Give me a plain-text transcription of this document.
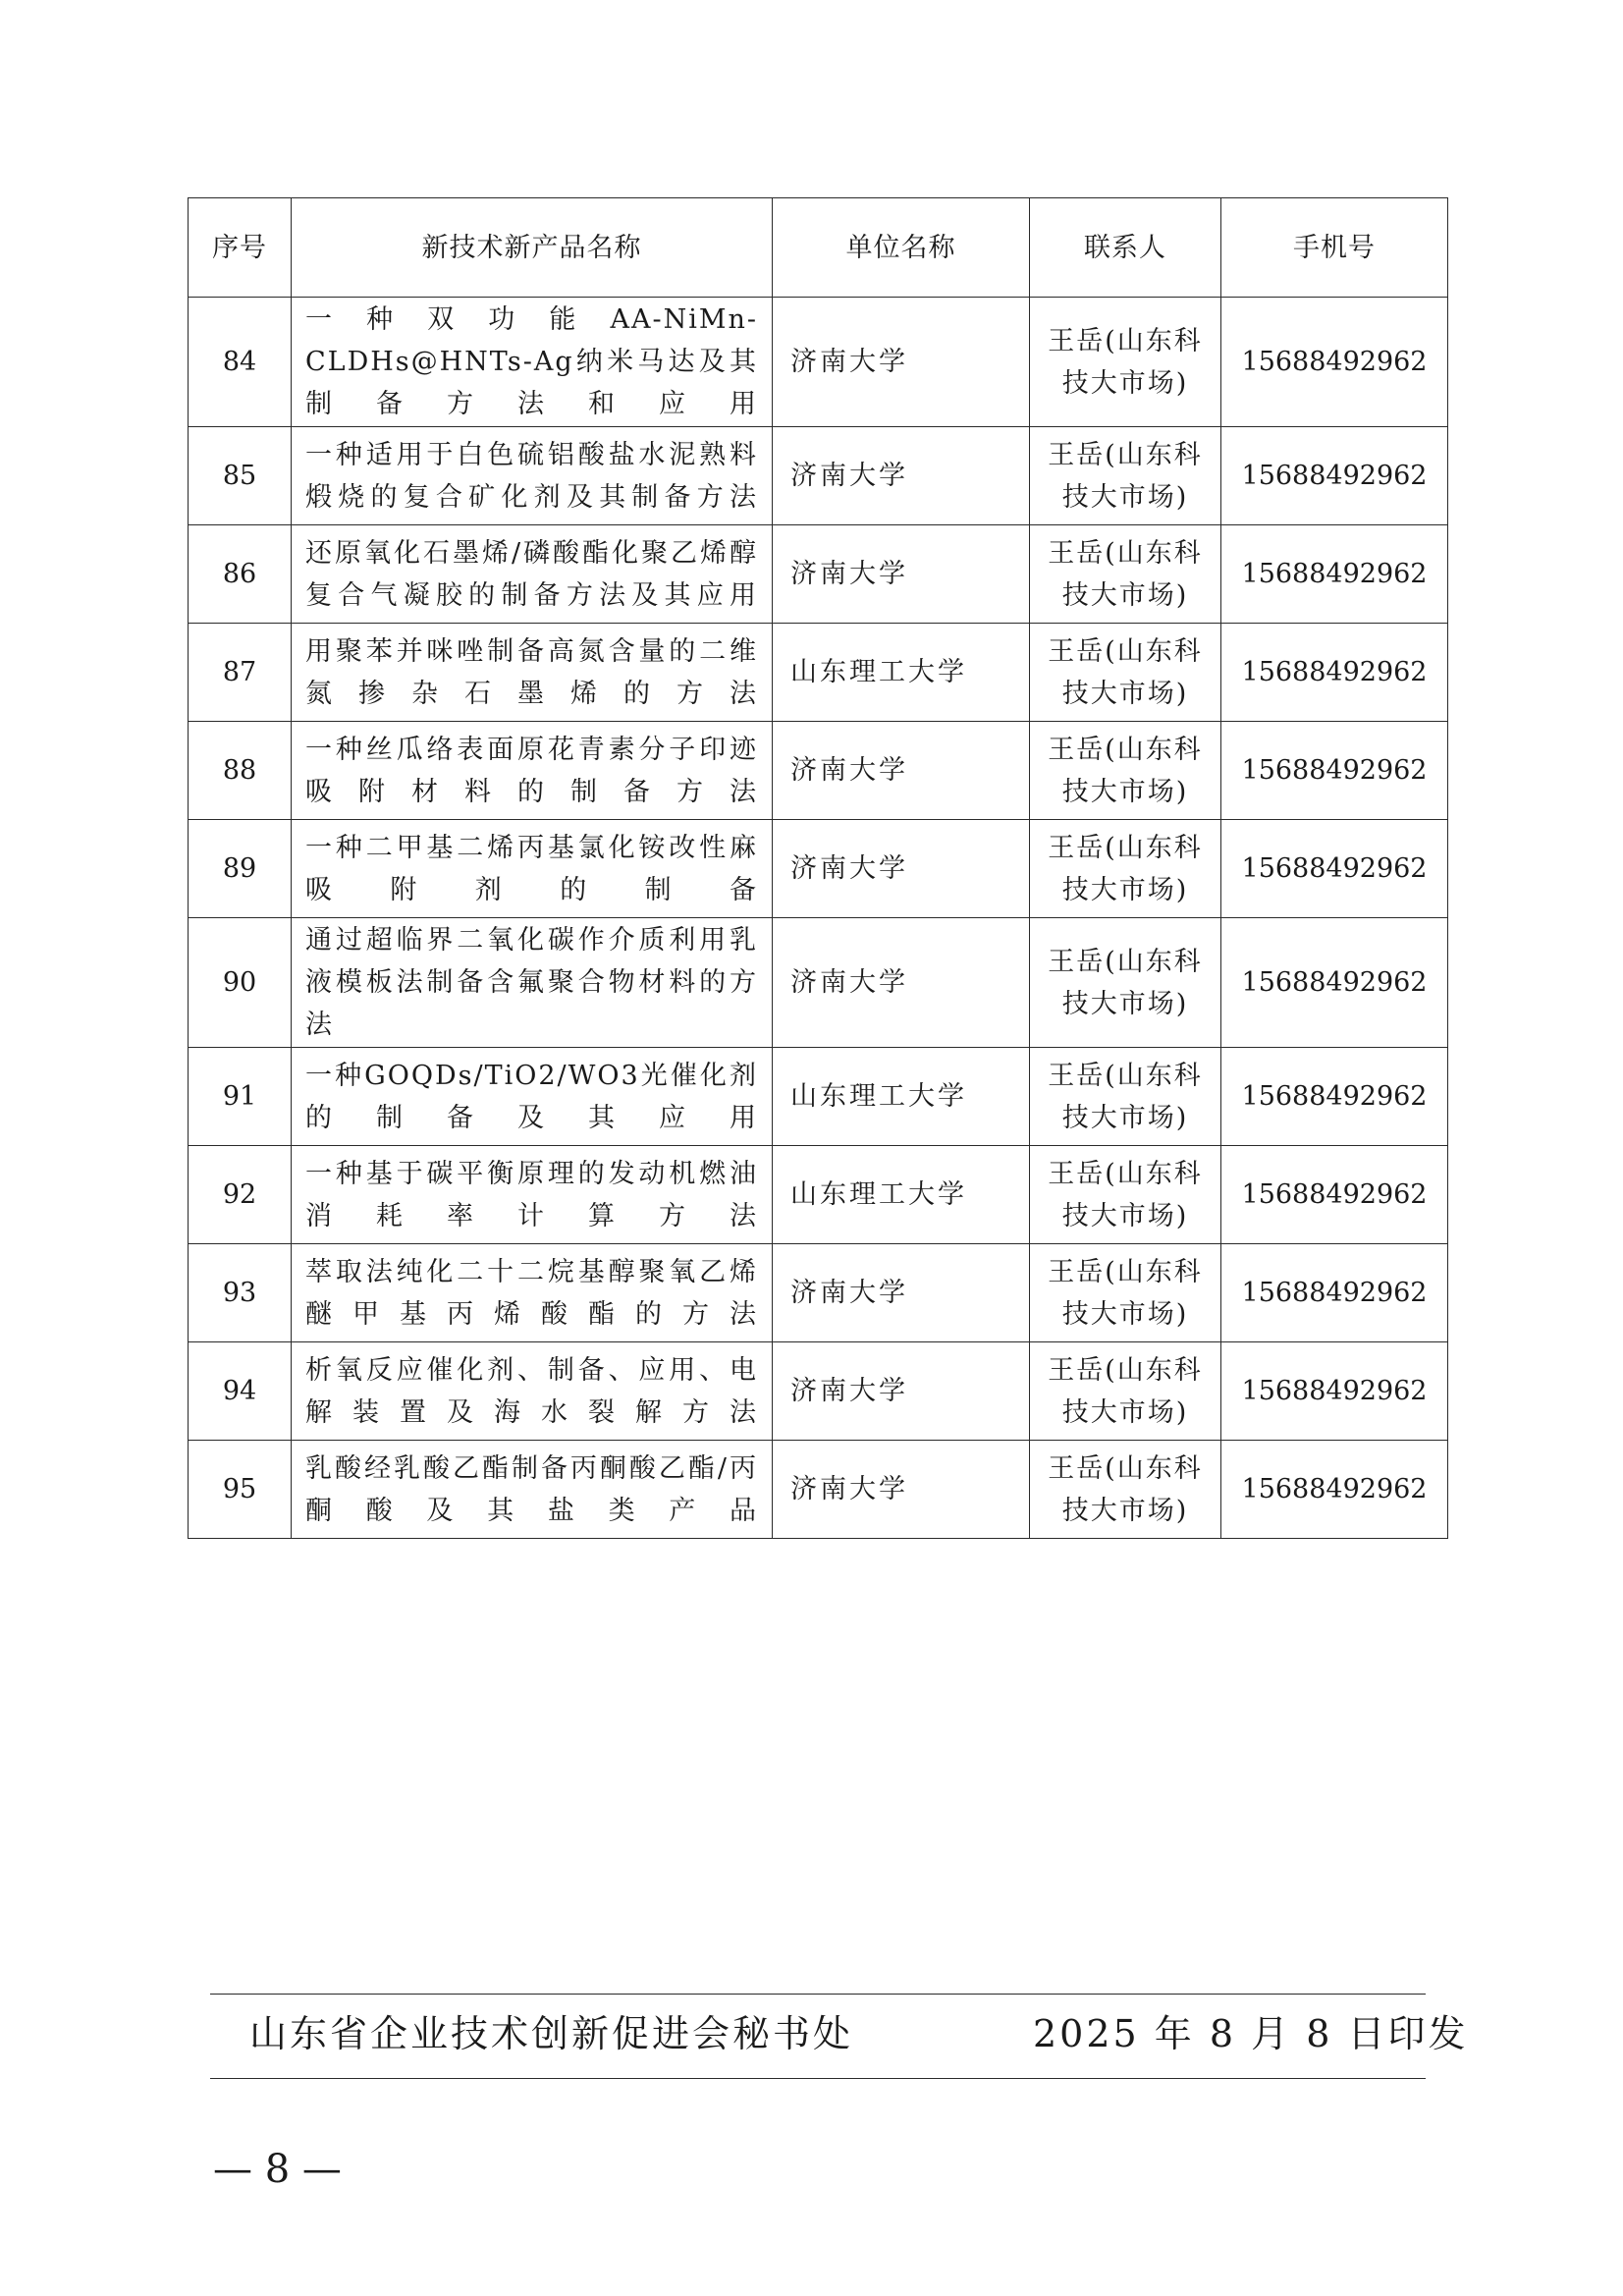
序号	新技术新产品名称	单位名称	联系人	手机号
84	一种双功能AA-NiMn-CLDHs@HNTs-Ag纳米马达及其制备方法和应用	济南大学	王岳(山东科技大市场)	15688492962
85	一种适用于白色硫铝酸盐水泥熟料煅烧的复合矿化剂及其制备方法	济南大学	王岳(山东科技大市场)	15688492962
86	还原氧化石墨烯/磷酸酯化聚乙烯醇复合气凝胶的制备方法及其应用	济南大学	王岳(山东科技大市场)	15688492962
87	用聚苯并咪唑制备高氮含量的二维氮掺杂石墨烯的方法	山东理工大学	王岳(山东科技大市场)	15688492962
88	一种丝瓜络表面原花青素分子印迹吸附材料的制备方法	济南大学	王岳(山东科技大市场)	15688492962
89	一种二甲基二烯丙基氯化铵改性麻吸附剂的制备	济南大学	王岳(山东科技大市场)	15688492962
90	通过超临界二氧化碳作介质利用乳液模板法制备含氟聚合物材料的方法	济南大学	王岳(山东科技大市场)	15688492962
91	一种GOQDs/TiO2/WO3光催化剂的制备及其应用	山东理工大学	王岳(山东科技大市场)	15688492962
92	一种基于碳平衡原理的发动机燃油消耗率计算方法	山东理工大学	王岳(山东科技大市场)	15688492962
93	萃取法纯化二十二烷基醇聚氧乙烯醚甲基丙烯酸酯的方法	济南大学	王岳(山东科技大市场)	15688492962
94	析氧反应催化剂、制备、应用、电解装置及海水裂解方法	济南大学	王岳(山东科技大市场)	15688492962
95	乳酸经乳酸乙酯制备丙酮酸乙酯/丙酮酸及其盐类产品	济南大学	王岳(山东科技大市场)	15688492962
山东省企业技术创新促进会秘书处	2025 年 8 月 8 日印发
— 8 —
